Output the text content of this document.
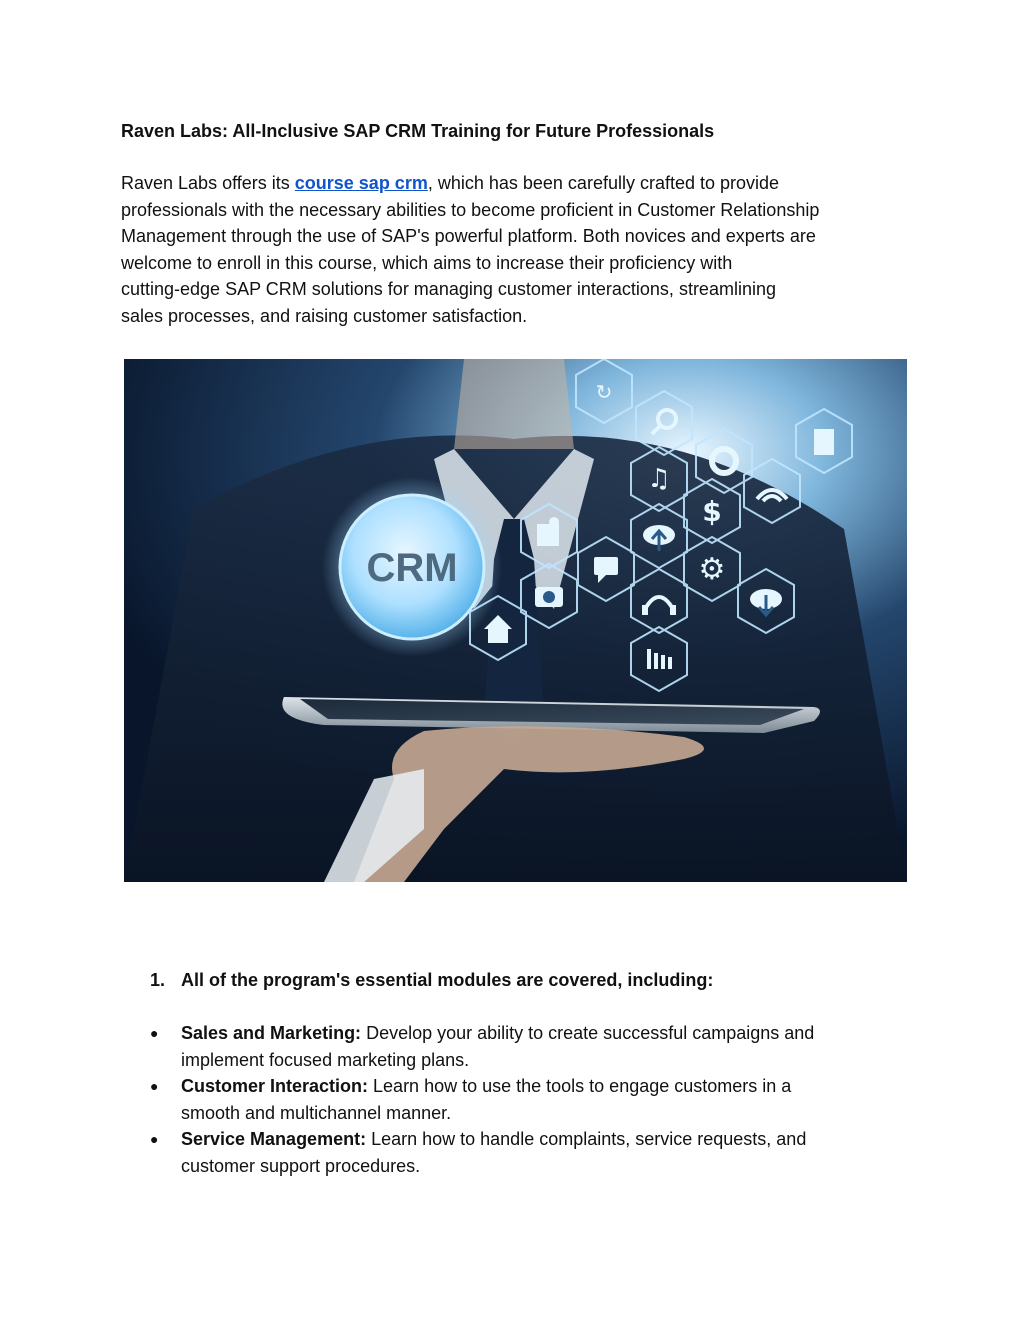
Raven Labs: All-Inclusive SAP CRM Training for Future Professionals

Raven Labs offers its course sap crm, which has been carefully crafted to provide
professionals with the necessary abilities to become proficient in Customer Relationship
Management through the use of SAP's powerful platform. Both novices and experts are
welcome to enroll in this course, which aims to increase their proficiency with
cutting-edge SAP CRM solutions for managing customer interactions, streamlining
sales processes, and raising customer satisfaction.

CRM
↻
♫
$
⚙
1. All of the program's essential modules are covered, including:
● Sales and Marketing: Develop your ability to create successful campaigns and
implement focused marketing plans.
● Customer Interaction: Learn how to use the tools to engage customers in a
smooth and multichannel manner.
● Service Management: Learn how to handle complaints, service requests, and
customer support procedures.
